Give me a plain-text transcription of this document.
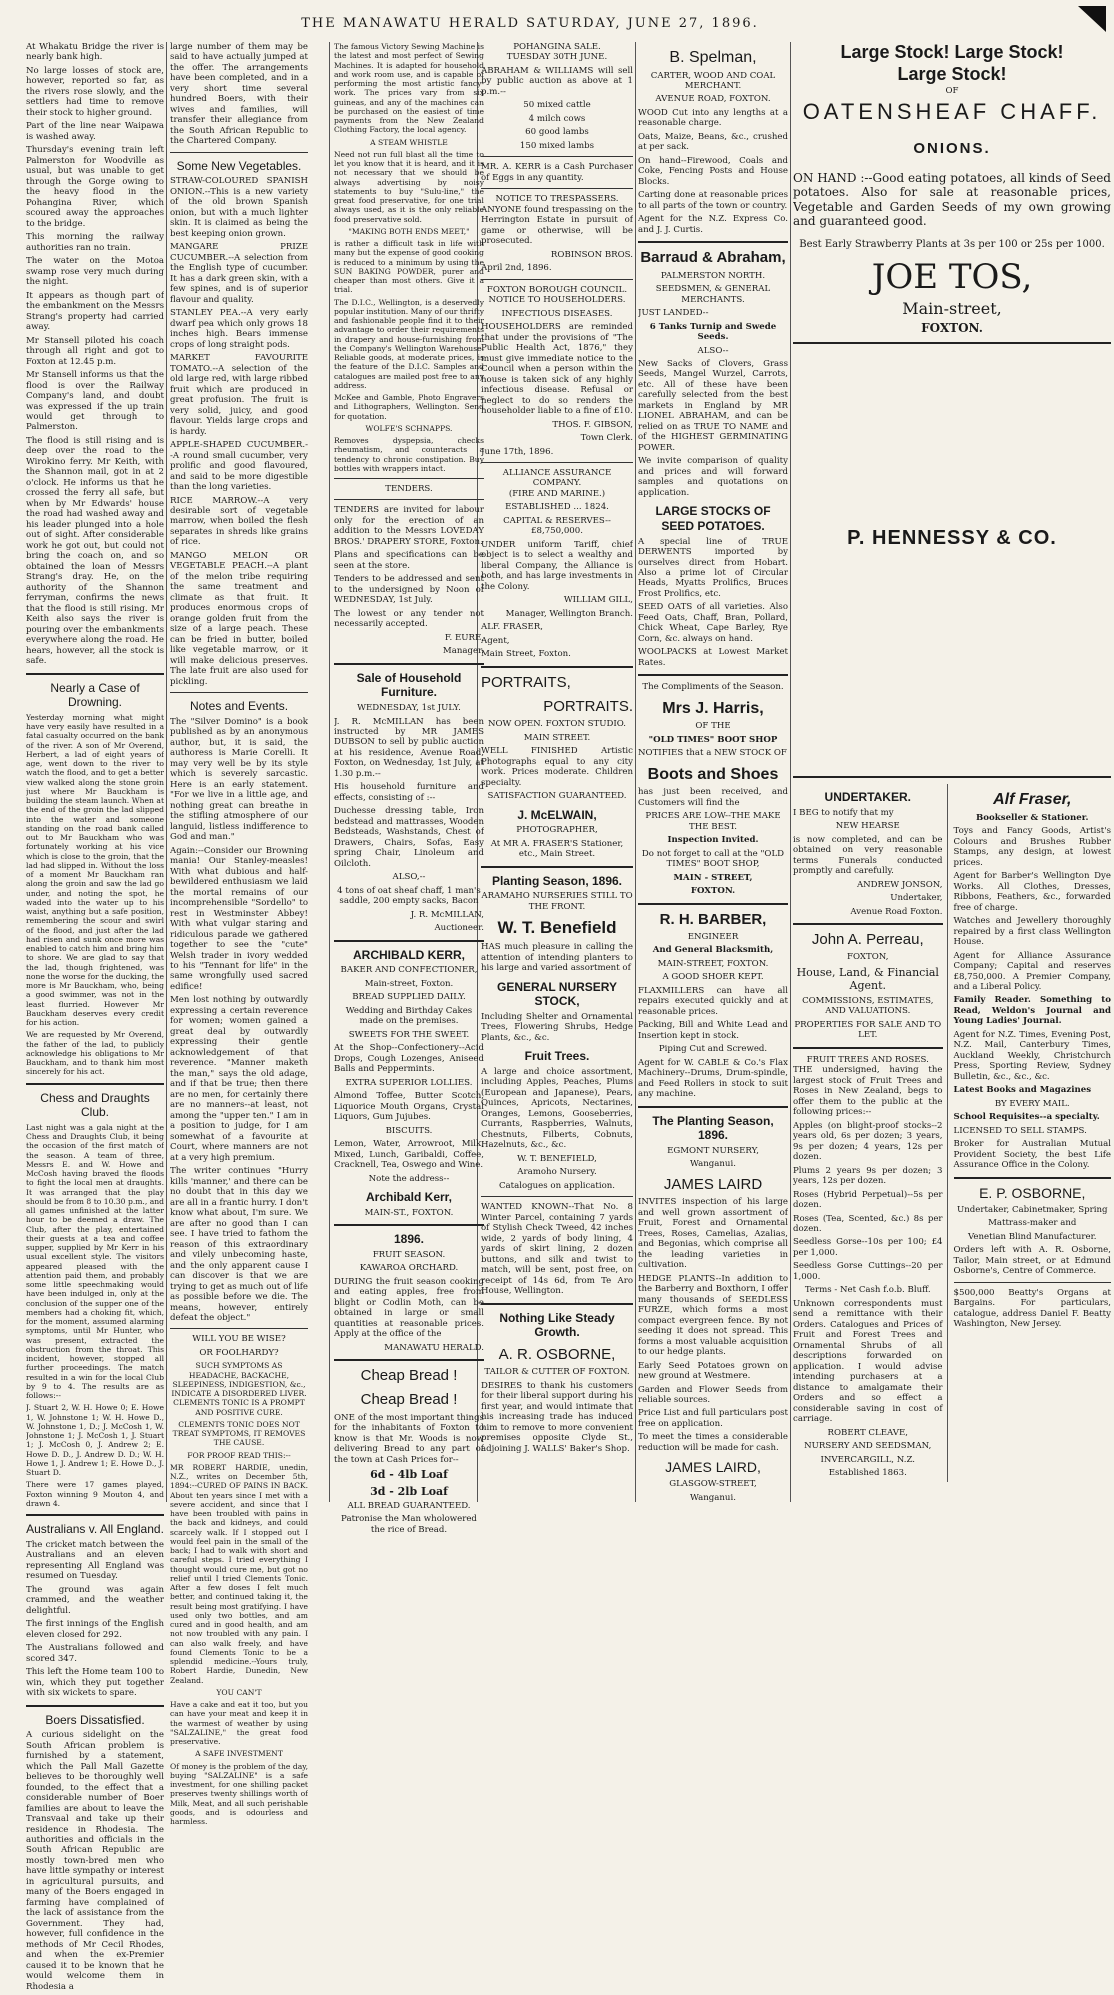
THE MANAWATU HERALD SATURDAY, JUNE 27, 1896.

At Whakatu Bridge the river is nearly bank high.

No large losses of stock are, however, reported so far, as the rivers rose slowly, and the settlers had time to remove their stock to higher ground.

Part of the line near Waipawa is washed away.

Thursday's evening train left Palmerston for Woodville as usual, but was unable to get through the Gorge owing to the heavy flood in the Pohangina River, which scoured away the approaches to the bridge.

This morning the railway authorities ran no train.

The water on the Motoa swamp rose very much during the night.

It appears as though part of the embankment on the Messrs Strang's property had carried away.

Mr Stansell piloted his coach through all right and got to Foxton at 12.45 p.m.

Mr Stansell informs us that the flood is over the Railway Company's land, and doubt was expressed if the up train would get through to Palmerston.

The flood is still rising and is deep over the road to the Wirokino ferry. Mr Keith, with the Shannon mail, got in at 2 o'clock. He informs us that he crossed the ferry all safe, but when by Mr Edwards' house the road had washed away and his leader plunged into a hole out of sight. After considerable work he got out, but could not bring the coach on, and so obtained the loan of Messrs Strang's dray. He, on the authority of the Shannon ferryman, confirms the news that the flood is still rising. Mr Keith also says the river is pouring over the embankments everywhere along the road. He hears, however, all the stock is safe.

Nearly a Case of Drowning.

Yesterday morning what might have very easily have resulted in a fatal casualty occurred on the bank of the river. A son of Mr Overend, Herbert, a lad of eight years of age, went down to the river to watch the flood, and to get a better view walked along the stone groin just where Mr Bauckham is building the steam launch. When at the end of the groin the lad slipped into the water and someone standing on the road bank called out to Mr Bauckham who was fortunately working at his vice which is close to the groin, that the lad had slipped in. Without the loss of a moment Mr Bauckham ran along the groin and saw the lad go under, and noting the spot, he waded into the water up to his waist, anything but a safe position, remembering the scour and swirl of the flood, and just after the lad had risen and sunk once more was enabled to catch him and bring him to shore. We are glad to say that the lad, though frightened, was none the worse for the ducking, the more is Mr Bauckham, who, being a good swimmer, was not in the least flurried. However Mr Bauckham deserves every credit for his action.

We are requested by Mr Overend, the father of the lad, to publicly acknowledge his obligations to Mr Bauckham, and to thank him most sincerely for his act.

Chess and Draughts Club.

Last night was a gala night at the Chess and Draughts Club, it being the occasion of the first match of the season. A team of three, Messrs E. and W. Howe and McCosh having braved the floods to fight the local men at draughts. It was arranged that the play should be from 8 to 10.30 p.m., and all games unfinished at the latter hour to be deemed a draw. The Club, after the play, entertained their guests at a tea and coffee supper, supplied by Mr Kerr in his usual excellent style. The visitors appeared pleased with the attention paid them, and probably some little speechmaking would have been indulged in, only at the conclusion of the supper one of the members had a choking fit, which, for the moment, assumed alarming symptoms, until Mr Hunter, who was present, extracted the obstruction from the throat. This incident, however, stopped all further proceedings. The match resulted in a win for the local Club by 9 to 4. The results are as follows:--

J. Stuart 2, W. H. Howe 0; E. Howe 1, W. Johnstone 1; W. H. Howe D., W. Johnstone 1, D.; J. McCosh 1, W. Johnstone 1; J. McCosh 1, J. Stuart 1; J. McCosh 0, J. Andrew 2; E. Howe D. D., J. Andrew D. D.; W. H. Howe 1, J. Andrew 1; E. Howe D., J. Stuart D.

There were 17 games played, Foxton winning 9 Mouton 4, and drawn 4.

Australians v. All England.

The cricket match between the Australians and an eleven representing All England was resumed on Tuesday.

The ground was again crammed, and the weather delightful.

The first innings of the English eleven closed for 292.

The Australians followed and scored 347.

This left the Home team 100 to win, which they put together with six wickets to spare.

Boers Dissatisfied.

A curious sidelight on the South African problem is furnished by a statement, which the Pall Mall Gazette believes to be thoroughly well founded, to the effect that a considerable number of Boer families are about to leave the Transvaal and take up their residence in Rhodesia. The authorities and officials in the South African Republic are mostly town-bred men who have little sympathy or interest in agricultural pursuits, and many of the Boers engaged in farming have complained of the lack of assistance from the Government. They had, however, full confidence in the methods of Mr Cecil Rhodes, and when the ex-Premier caused it to be known that he would welcome them in Rhodesia a

large number of them may be said to have actually jumped at the offer. The arrangements have been completed, and in a very short time several hundred Boers, with their wives and families, will transfer their allegiance from the South African Republic to the Chartered Company.

Some New Vegetables.

STRAW-COLOURED SPANISH ONION.--This is a new variety of the old brown Spanish onion, but with a much lighter skin. It is claimed as being the best keeping onion grown.

MANGARE PRIZE CUCUMBER.--A selection from the English type of cucumber. It has a dark green skin, with a few spines, and is of superior flavour and quality.

STANLEY PEA.--A very early dwarf pea which only grows 18 inches high. Bears immense crops of long straight pods.

MARKET FAVOURITE TOMATO.--A selection of the old large red, with large ribbed fruit which are produced in great profusion. The fruit is very solid, juicy, and good flavour. Yields large crops and is hardy.

APPLE-SHAPED CUCUMBER.--A round small cucumber, very prolific and good flavoured, and said to be more digestible than the long varieties.

RICE MARROW.--A very desirable sort of vegetable marrow, when boiled the flesh separates in shreds like grains of rice.

MANGO MELON OR VEGETABLE PEACH.--A plant of the melon tribe requiring the same treatment and climate as that fruit. It produces enormous crops of orange golden fruit from the size of a large peach. These can be fried in butter, boiled like vegetable marrow, or it will make delicious preserves. The late fruit are also used for pickling.

Notes and Events.

The "Silver Domino" is a book published as by an anonymous author, but, it is said, the authoress is Marie Corelli. It may very well be by its style which is severely sarcastic. Here is an early statement. "For we live in a little age, and nothing great can breathe in the stifling atmosphere of our languid, listless indifference to God and man."

Again:--Consider our Browning mania! Our Stanley-measles! With what dubious and half-bewildered enthusiasm we laid the mortal remains of our incomprehensible "Sordello" to rest in Westminster Abbey! With what vulgar staring and ridiculous parade we gathered together to see the "cute" Welsh trader in ivory wedded to his "Tennant for life" in the same wrongfully used sacred edifice!

Men lost nothing by outwardly expressing a certain reverence for women; women gained a great deal by outwardly expressing their gentle acknowledgement of that reverence. "Manner maketh the man," says the old adage, and if that be true; then there are no men, for certainly there are no manners--at least, not among the "upper ten." I am in a position to judge, for I am somewhat of a favourite at Court, where manners are not at a very high premium.

The writer continues "Hurry kills 'manner,' and there can be no doubt that in this day we are all in a frantic hurry. I don't know what about, I'm sure. We are after no good than I can see. I have tried to fathom the reason of this extraordinary and vilely unbecoming haste, and the only apparent cause I can discover is that we are trying to get as much out of life as possible before we die. The means, however, entirely defeat the object."

WILL YOU BE WISE?

OR FOOLHARDY?

SUCH SYMPTOMS AS HEADACHE, BACKACHE, SLEEPINESS, INDIGESTION, &c., INDICATE A DISORDERED LIVER. CLEMENTS TONIC IS A PROMPT AND POSITIVE CURE.

CLEMENTS TONIC DOES NOT TREAT SYMPTOMS, IT REMOVES THE CAUSE.

FOR PROOF READ THIS:--

MR ROBERT HARDIE, unedin, N.Z., writes on December 5th, 1894:--CURED OF PAINS IN BACK. About ten years since I met with a severe accident, and since that I have been troubled with pains in the back and kidneys, and could scarcely walk. If I stopped out I would feel pain in the small of the back; I had to walk with short and careful steps. I tried everything I thought would cure me, but got no relief until I tried Clements Tonic. After a few doses I felt much better, and continued taking it, the result being most gratifying. I have used only two bottles, and am cured and in good health, and am not now troubled with any pain. I can also walk freely, and have found Clements Tonic to be a splendid medicine.--Yours truly, Robert Hardie, Dunedin, New Zealand.

YOU CAN'T

Have a cake and eat it too, but you can have your meat and keep it in the warmest of weather by using "SALZALINE," the great food preservative.

A SAFE INVESTMENT

Of money is the problem of the day, buying "SALZALINE" is a safe investment, for one shilling packet preserves twenty shillings worth of Milk, Meat, and all such perishable goods, and is odourless and harmless.

The famous Victory Sewing Machine is the latest and most perfect of Sewing Machines. It is adapted for household and work room use, and is capable of performing the most artistic fancy-work. The prices vary from six guineas, and any of the machines can be purchased on the easiest of time payments from the New Zealand Clothing Factory, the local agency.

A STEAM WHISTLE

Need not run full blast all the time to let you know that it is heard, and it is not necessary that we should be always advertising by noisy statements to buy "Sulu-line," the great food preservative, for one trial always used, as it is the only reliable food preservative sold.

"MAKING BOTH ENDS MEET,"

is rather a difficult task in life with many but the expense of good cooking is reduced to a minimum by using the SUN BAKING POWDER, purer and cheaper than most others. Give it a trial.

The D.I.C., Wellington, is a deservedly popular institution. Many of our thrifty and fashionable people find it to their advantage to order their requirements in drapery and house-furnishing from the Company's Wellington Warehouse. Reliable goods, at moderate prices, is the feature of the D.I.C. Samples and catalogues are mailed post free to any address.

McKee and Gamble, Photo Engravers and Lithographers, Wellington. Send for quotation.

WOLFE'S SCHNAPPS.

Removes dyspepsia, checks rheumatism, and counteracts a tendency to chronic constipation. Buy bottles with wrappers intact.

TENDERS.

TENDERS are invited for labour only for the erection of an addition to the Messrs LOVEDAY BROS.' DRAPERY STORE, Foxton.

Plans and specifications can be seen at the store.

Tenders to be addressed and sent to the undersigned by Noon of WEDNESDAY, 1st July.

The lowest or any tender not necessarily accepted.

F. EURE,

Manager.

Sale of Household Furniture.

WEDNESDAY, 1st JULY.

J. R. McMILLAN has been instructed by MR JAMES DUBSON to sell by public auction at his residence, Avenue Road, Foxton, on Wednesday, 1st July, at 1.30 p.m.--

His household furniture and effects, consisting of :--

Duchesse dressing table, Iron bedstead and mattrasses, Wooden Bedsteads, Washstands, Chest of Drawers, Chairs, Sofas, Easy spring Chair, Linoleum and Oilcloth.

ALSO,--

4 tons of oat sheaf chaff, 1 man's saddle, 200 empty sacks, Bacon

J. R. McMILLAN,

Auctioneer.

ARCHIBALD KERR,

BAKER AND CONFECTIONER,

Main-street, Foxton.

BREAD SUPPLIED DAILY.

Wedding and Birthday Cakes made on the premises.

SWEETS FOR THE SWEET.

At the Shop--Confectionery--Acid Drops, Cough Lozenges, Aniseed Balls and Peppermints.

EXTRA SUPERIOR LOLLIES.

Almond Toffee, Butter Scotch, Liquorice Mouth Organs, Crystal Liquors, Gum Jujubes.

BISCUITS.

Lemon, Water, Arrowroot, Milk, Mixed, Lunch, Garibaldi, Coffee, Cracknell, Tea, Oswego and Wine.

Note the address--

Archibald Kerr,

MAIN-ST., FOXTON.

1896.

FRUIT SEASON.

KAWAROA ORCHARD.

DURING the fruit season cooking and eating apples, free from blight or Codlin Moth, can be obtained in large or small quantities at reasonable prices. Apply at the office of the

MANAWATU HERALD.

Cheap Bread !
Cheap Bread !

ONE of the most important things for the inhabitants of Foxton to know is that Mr. Woods is now delivering Bread to any part of the town at Cash Prices for--

6d - 4lb Loaf

3d - 2lb Loaf

ALL BREAD GUARANTEED.

Patronise the Man wholowered the rice of Bread.

POHANGINA SALE.

TUESDAY 30TH JUNE.

ABRAHAM & WILLIAMS will sell by public auction as above at 1 p.m.--

50 mixed cattle

4 milch cows

60 good lambs

150 mixed lambs

MR. A. KERR is a Cash Purchaser of Eggs in any quantity.

NOTICE TO TRESPASSERS.

ANYONE found trespassing on the Herrington Estate in pursuit of game or otherwise, will be prosecuted.

ROBINSON BROS.

April 2nd, 1896.

FOXTON BOROUGH COUNCIL.

NOTICE TO HOUSEHOLDERS.

INFECTIOUS DISEASES.

HOUSEHOLDERS are reminded that under the provisions of "The Public Health Act, 1876," they must give immediate notice to the Council when a person within the house is taken sick of any highly infectious disease. Refusal or neglect to do so renders the householder liable to a fine of £10.

THOS. F. GIBSON,

Town Clerk.

June 17th, 1896.

ALLIANCE ASSURANCE COMPANY.

(FIRE AND MARINE.)

ESTABLISHED ... 1824.

CAPITAL & RESERVES--£8,750,000.

UNDER uniform Tariff, chief object is to select a wealthy and liberal Company, the Alliance is both, and has large investments in the Colony.

WILLIAM GILL,

Manager, Wellington Branch.

ALF. FRASER,

Agent,

Main Street, Foxton.

PORTRAITS,
PORTRAITS.

NOW OPEN. FOXTON STUDIO.

MAIN STREET.

WELL FINISHED Artistic Photographs equal to any city work. Prices moderate. Children specialty.

SATISFACTION GUARANTEED.

J. McELWAIN,

PHOTOGRAPHER,

At MR A. FRASER'S Stationer, etc., Main Street.

Planting Season, 1896.

ARAMAHO NURSERIES STILL TO THE FRONT.

W. T. Benefield

HAS much pleasure in calling the attention of intending planters to his large and varied assortment of

GENERAL NURSERY STOCK,

Including Shelter and Ornamental Trees, Flowering Shrubs, Hedge Plants, &c., &c.

Fruit Trees.

A large and choice assortment, including Apples, Peaches, Plums (European and Japanese), Pears, Quinces, Apricots, Nectarines, Oranges, Lemons, Gooseberries, Currants, Raspberries, Walnuts, Chestnuts, Filberts, Cobnuts, Hazelnuts, &c., &c.

W. T. BENEFIELD,

Aramoho Nursery.

Catalogues on application.

WANTED KNOWN--That No. 8 Winter Parcel, containing 7 yards of Stylish Check Tweed, 42 inches wide, 2 yards of body lining, 4 yards of skirt lining, 2 dozen buttons, and silk and twist to match, will be sent, post free, on receipt of 14s 6d, from Te Aro House, Wellington.

Nothing Like Steady Growth.
A. R. OSBORNE,

TAILOR & CUTTER OF FOXTON.

DESIRES to thank his customers for their liberal support during his first year, and would intimate that his increasing trade has induced him to remove to more convenient premises opposite Clyde St., adjoining J. WALLS' Baker's Shop.

B. Spelman,

CARTER, WOOD AND COAL MERCHANT.

AVENUE ROAD, FOXTON.

WOOD Cut into any lengths at a reasonable charge.

Oats, Maize, Beans, &c., crushed at per sack.

On hand--Firewood, Coals and Coke, Fencing Posts and House Blocks.

Carting done at reasonable prices to all parts of the town or country.

Agent for the N.Z. Express Co. and J. J. Curtis.

Barraud & Abraham,

PALMERSTON NORTH.

SEEDSMEN, & GENERAL MERCHANTS.

JUST LANDED--

6 Tanks Turnip and Swede Seeds.

ALSO--

New Sacks of Clovers, Grass Seeds, Mangel Wurzel, Carrots, etc. All of these have been carefully selected from the best markets in England by MR LIONEL ABRAHAM, and can be relied on as TRUE TO NAME and of the HIGHEST GERMINATING POWER.

We invite comparison of quality and prices and will forward samples and quotations on application.

LARGE STOCKS OF SEED POTATOES.

A special line of TRUE DERWENTS imported by ourselves direct from Hobart. Also a prime lot of Circular Heads, Myatts Prolifics, Bruces Frost Prolifics, etc.

SEED OATS of all varieties. Also Feed Oats, Chaff, Bran, Pollard, Chick Wheat, Cape Barley, Rye Corn, &c. always on hand.

WOOLPACKS at Lowest Market Rates.

The Compliments of the Season.

Mrs J. Harris,

OF THE

"OLD TIMES" BOOT SHOP

NOTIFIES that a NEW STOCK OF

Boots and Shoes

has just been received, and Customers will find the

PRICES ARE LOW--THE MAKE THE BEST.

Inspection Invited.

Do not forget to call at the "OLD TIMES" BOOT SHOP,

MAIN - STREET,

FOXTON.

R. H. BARBER,

ENGINEER

And General Blacksmith,

MAIN-STREET, FOXTON.

A GOOD SHOER KEPT.

FLAXMILLERS can have all repairs executed quickly and at reasonable prices.

Packing, Bill and White Lead and Insertion kept in stock.

Piping Cut and Screwed.

Agent for W. CABLE & Co.'s Flax Machinery--Drums, Drum-spindle, and Feed Rollers in stock to suit any machine.

The Planting Season, 1896.

EGMONT NURSERY,

Wanganui.

JAMES LAIRD

INVITES inspection of his large and well grown assortment of Fruit, Forest and Ornamental Trees, Roses, Camelias, Azalias, and Begonias, which comprise all the leading varieties in cultivation.

HEDGE PLANTS--In addition to the Barberry and Boxthorn, I offer many thousands of SEEDLESS FURZE, which forms a most compact evergreen fence. By not seeding it does not spread. This forms a most valuable acquisition to our hedge plants.

Early Seed Potatoes grown on new ground at Westmere.

Garden and Flower Seeds from reliable sources.

Price List and full particulars post free on application.

To meet the times a considerable reduction will be made for cash.

JAMES LAIRD,

GLASGOW-STREET,

Wanganui.

Large Stock! Large Stock!
Large Stock!

OF

OATENSHEAF CHAFF.
ONIONS.

ON HAND :--Good eating potatoes, all kinds of Seed potatoes. Also for sale at reasonable prices, Vegetable and Garden Seeds of my own growing and guaranteed good.

Best Early Strawberry Plants at 3s per 100 or 25s per 1000.

JOE TOS,

Main-street,

FOXTON.

P. HENNESSY & CO.
UNDERTAKER.

I BEG to notify that my

NEW HEARSE

is now completed, and can be obtained on very reasonable terms Funerals conducted promptly and carefully.

ANDREW JONSON,

Undertaker,

Avenue Road Foxton.

John A. Perreau,

FOXTON,

House, Land, & Financial Agent.

COMMISSIONS, ESTIMATES, AND VALUATIONS.

PROPERTIES FOR SALE AND TO LET.

FRUIT TREES AND ROSES.

THE undersigned, having the largest stock of Fruit Trees and Roses in New Zealand, begs to offer them to the public at the following prices:--

Apples (on blight-proof stocks--2 years old, 6s per dozen; 3 years, 9s per dozen; 4 years, 12s per dozen.

Plums 2 years 9s per dozen; 3 years, 12s per dozen.

Roses (Hybrid Perpetual)--5s per dozen.

Roses (Tea, Scented, &c.) 8s per dozen.

Seedless Gorse--10s per 100; £4 per 1,000.

Seedless Gorse Cuttings--20 per 1,000.

Terms - Net Cash f.o.b. Bluff.

Unknown correspondents must send a remittance with their Orders. Catalogues and Prices of Fruit and Forest Trees and Ornamental Shrubs of all descriptions forwarded on application. I would advise intending purchasers at a distance to amalgamate their Orders and so effect a considerable saving in cost of carriage.

ROBERT CLEAVE,

NURSERY AND SEEDSMAN,

INVERCARGILL, N.Z.

Established 1863.

Alf Fraser,

Bookseller & Stationer.

Toys and Fancy Goods, Artist's Colours and Brushes Rubber Stamps, any design, at lowest prices.

Agent for Barber's Wellington Dye Works. All Clothes, Dresses, Ribbons, Feathers, &c., forwarded free of charge.

Watches and Jewellery thoroughly repaired by a first class Wellington House.

Agent for Alliance Assurance Company; Capital and reserves £8,750,000. A Premier Company, and a Liberal Policy.

Family Reader. Something to Read, Weldon's Journal and Young Ladies' Journal.

Agent for N.Z. Times, Evening Post, N.Z. Mail, Canterbury Times, Auckland Weekly, Christchurch Press, Sporting Review, Sydney Bulletin, &c., &c., &c.

Latest Books and Magazines

BY EVERY MAIL.

School Requisites--a specialty.

LICENSED TO SELL STAMPS.

Broker for Australian Mutual Provident Society, the best Life Assurance Office in the Colony.

E. P. OSBORNE,

Undertaker, Cabinetmaker, Spring

Mattrass-maker and

Venetian Blind Manufacturer.

Orders left with A. R. Osborne, Tailor, Main street, or at Edmund Osborne's, Centre of Commerce.

$500,000 Beatty's Organs at Bargains. For particulars, catalogue, address Daniel F. Beatty Washington, New Jersey.
